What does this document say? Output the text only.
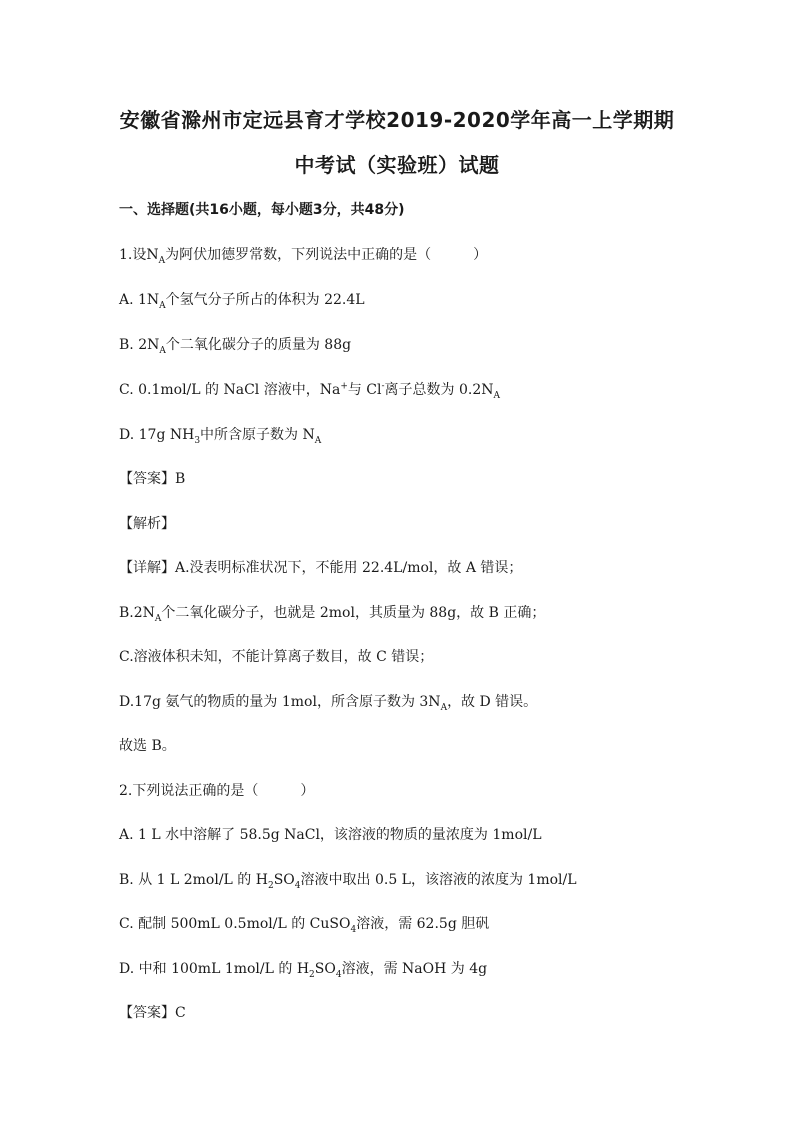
安徽省滁州市定远县育才学校2019-2020学年高一上学期期
中考试（实验班）试题
一、选择题(共16小题，每小题3分，共48分)
1.设$N_A$为阿伏加德罗常数，下列说法中正确的是（　　　）
A. $1N_A$个氢气分子所占的体积为 22.4L
B. $2N_A$个二氧化碳分子的质量为 88g
C. 0.1mol/L 的 NaCl 溶液中，Na+与 Cl-离子总数为 $0.2N_A$
D. 17g $NH_3$中所含原子数为 $N_A$
【答案】B
【解析】
【详解】A.没表明标准状况下，不能用 22.4L/mol，故 A 错误；
$B.2N_A$个二氧化碳分子，也就是 2mol，其质量为 88g，故 B 正确；
C.溶液体积未知，不能计算离子数目，故 C 错误；
D.17g 氨气的物质的量为 1mol，所含原子数为 $3N_A$，故 D 错误。
故选 B。
2.下列说法正确的是（　　　）
A. 1 L 水中溶解了 58.5g NaCl，该溶液的物质的量浓度为 1mol/L
B. 从 1 L 2mol/L 的 $H_2SO_4$溶液中取出 0.5 L，该溶液的浓度为 1mol/L
C. 配制 500mL 0.5mol/L 的 CuSO$_4$溶液，需 62.5g 胆矾
D. 中和 100mL 1mol/L 的 $H_2SO_4$溶液，需 NaOH 为 4g
【答案】C
